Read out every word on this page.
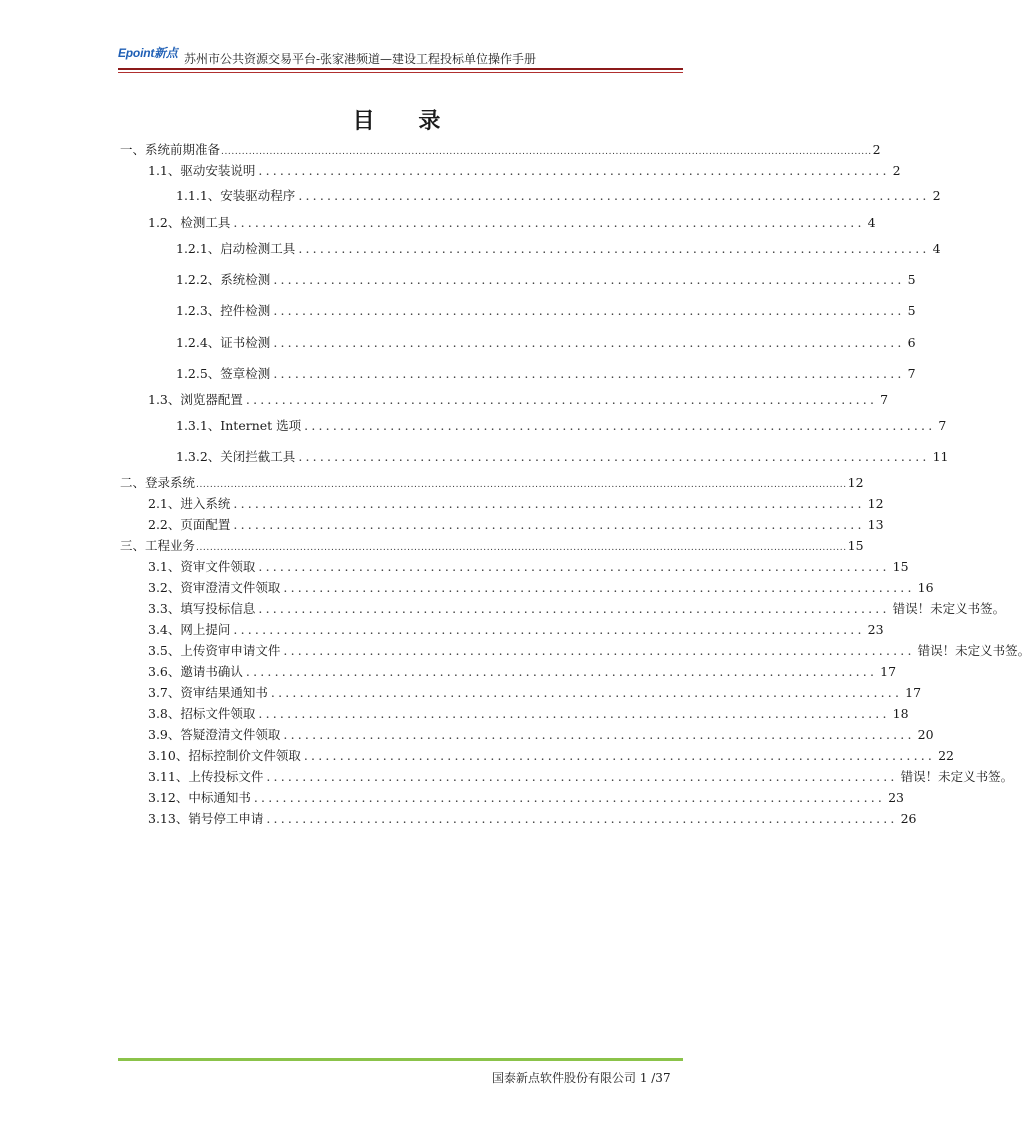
Epoint新点 苏州市公共资源交易平台-张家港频道—建设工程投标单位操作手册
目 录
一、系统前期准备 ............................................................................................................................................................................................ 2
1.1、驱动安装说明 ........................................................................................ 2
1.1.1、安装驱动程序 ........................................................................................ 2
1.2、检测工具 ........................................................................................ 4
1.2.1、启动检测工具 ........................................................................................ 4
1.2.2、系统检测 ........................................................................................ 5
1.2.3、控件检测 ........................................................................................ 5
1.2.4、证书检测 ........................................................................................ 6
1.2.5、签章检测 ........................................................................................ 7
1.3、浏览器配置 ........................................................................................ 7
1.3.1、Internet 选项 ........................................................................................ 7
1.3.2、关闭拦截工具 ........................................................................................ 11
二、登录系统 ............................................................................................................................................................................................ 12
2.1、进入系统 ........................................................................................ 12
2.2、页面配置 ........................................................................................ 13
三、工程业务 ............................................................................................................................................................................................ 15
3.1、资审文件领取 ........................................................................................ 15
3.2、资审澄清文件领取 ........................................................................................ 16
3.3、填写投标信息 ........................................................................................ 错误！未定义书签。
3.4、网上提问 ........................................................................................ 23
3.5、上传资审申请文件 ........................................................................................ 错误！未定义书签。
3.6、邀请书确认 ........................................................................................ 17
3.7、资审结果通知书 ........................................................................................ 17
3.8、招标文件领取 ........................................................................................ 18
3.9、答疑澄清文件领取 ........................................................................................ 20
3.10、招标控制价文件领取 ........................................................................................ 22
3.11、上传投标文件 ........................................................................................ 错误！未定义书签。
3.12、中标通知书 ........................................................................................ 23
3.13、销号停工申请 ........................................................................................ 26
国泰新点软件股份有限公司 1 /37
